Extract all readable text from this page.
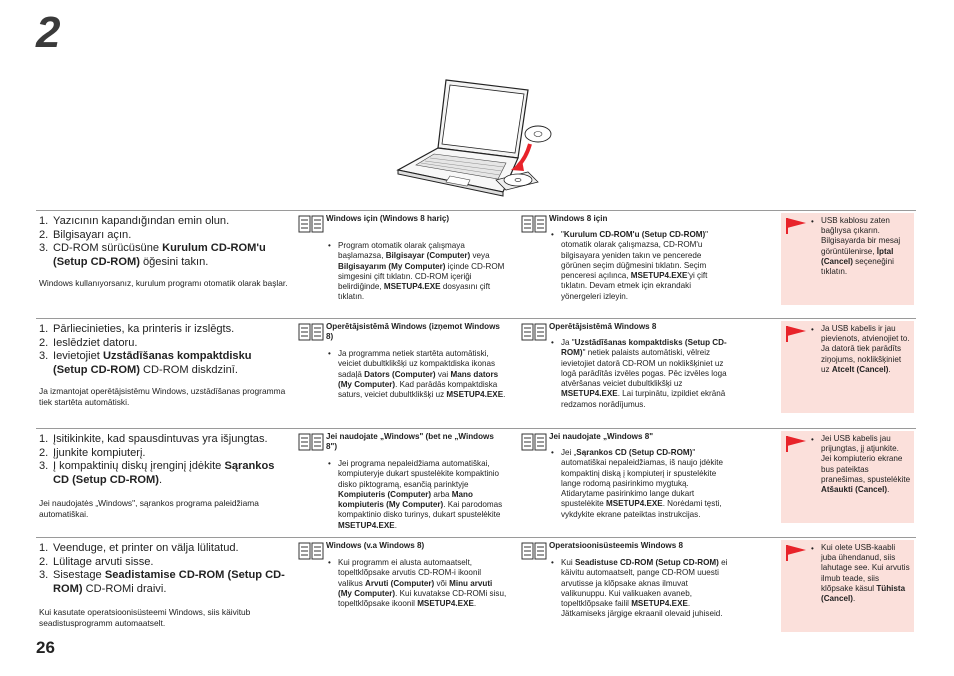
2
1. Yazıcının kapandığından emin olun.
2. Bilgisayarı açın.
3. CD-ROM sürücüsüne Kurulum CD-ROM'u (Setup CD-ROM) öğesini takın.
Windows kullanıyorsanız, kurulum programı otomatik olarak başlar.
Windows için (Windows 8 hariç)
• Program otomatik olarak çalışmaya başlamazsa, Bilgisayar (Computer) veya Bilgisayarım (My Computer) içinde CD-ROM simgesini çift tıklatın. CD-ROM içeriği belirdiğinde, MSETUP4.EXE dosyasını çift tıklatın.
Windows 8 için
• "Kurulum CD-ROM'u (Setup CD-ROM)" otomatik olarak çalışmazsa, CD-ROM'u bilgisayara yeniden takın ve pencerede görünen seçim düğmesini tıklatın. Seçim penceresi açılınca, MSETUP4.EXE'yi çift tıklatın. Devam etmek için ekrandaki yönergeleri izleyin.
• USB kablosu zaten bağlıysa çıkarın. Bilgisayarda bir mesaj görüntülenirse, İptal (Cancel) seçeneğini tıklatın.
1. Pārliecinieties, ka printeris ir izslēgts.
2. Ieslēdziet datoru.
3. Ievietojiet Uzstādīšanas kompaktdisku (Setup CD-ROM) CD-ROM diskdzinī.
Ja izmantojat operētājsistēmu Windows, uzstādīšanas programma tiek startēta automātiski.
Operētājsistēmā Windows (izņemot Windows 8)
• Ja programma netiek startēta automātiski, veiciet dubultklikšķi uz kompaktdiska ikonas sadaļā Dators (Computer) vai Mans dators (My Computer). Kad parādās kompaktdiska saturs, veiciet dubultklikšķi uz MSETUP4.EXE.
Operētājsistēmā Windows 8
• Ja "Uzstādīšanas kompaktdisks (Setup CD-ROM)" netiek palaists automātiski, vēlreiz ievietojiet datorā CD-ROM un noklikšķiniet uz logā parādītās izvēles pogas. Pēc izvēles loga atvēršanas veiciet dubultklikšķi uz MSETUP4.EXE. Lai turpinātu, izpildiet ekrānā redzamos norādījumus.
• Ja USB kabelis ir jau pievienots, atvienojiet to. Ja datorā tiek parādīts ziņojums, noklikšķiniet uz Atcelt (Cancel).
1. Įsitikinkite, kad spausdintuvas yra išjungtas.
2. Įjunkite kompiuterį.
3. Į kompaktinių diskų įrenginį įdėkite Sąrankos CD (Setup CD-ROM).
Jei naudojatės „Windows", sąrankos programa paleidžiama automatiškai.
Jei naudojate „Windows" (bet ne „Windows 8")
• Jei programa nepaleidžiama automatiškai, kompiuteryje dukart spustelėkite kompaktinio disko piktogramą, esančią parinktyje Kompiuteris (Computer) arba Mano kompiuteris (My Computer). Kai parodomas kompaktinio disko turinys, dukart spustelėkite MSETUP4.EXE.
Jei naudojate „Windows 8"
• Jei „Sąrankos CD (Setup CD-ROM)" automatiškai nepaleidžiamas, iš naujo įdėkite kompaktinį diską į kompiuterį ir spustelėkite lange rodomą pasirinkimo mygtuką. Atidarytame pasirinkimo lange dukart spustelėkite MSETUP4.EXE. Norėdami tęsti, vykdykite ekrane pateiktas instrukcijas.
• Jei USB kabelis jau prijungtas, jį atjunkite. Jei kompiuterio ekrane bus pateiktas pranešimas, spustelėkite Atšaukti (Cancel).
1. Veenduge, et printer on välja lülitatud.
2. Lülitage arvuti sisse.
3. Sisestage Seadistamise CD-ROM (Setup CD-ROM) CD-ROMi draivi.
Kui kasutate operatsioonisüsteemi Windows, siis käivitub seadistusprogramm automaatselt.
Windows (v.a Windows 8)
• Kui programm ei alusta automaatselt, topeltklõpsake arvutis CD-ROM-i ikoonil valikus Arvuti (Computer) või Minu arvuti (My Computer). Kui kuvatakse CD-ROMi sisu, topeltklõpsake ikoonil MSETUP4.EXE.
Operatsioonisüsteemis Windows 8
• Kui Seadistuse CD-ROM (Setup CD-ROM) ei käivitu automaatselt, pange CD-ROM uuesti arvutisse ja klõpsake aknas ilmuvat valikunuppu. Kui valikuaken avaneb, topeltklõpsake failil MSETUP4.EXE. Jätkamiseks järgige ekraanil olevaid juhiseid.
• Kui olete USB-kaabli juba ühendanud, siis lahutage see. Kui arvutis ilmub teade, siis klõpsake käsul Tühista (Cancel).
26
